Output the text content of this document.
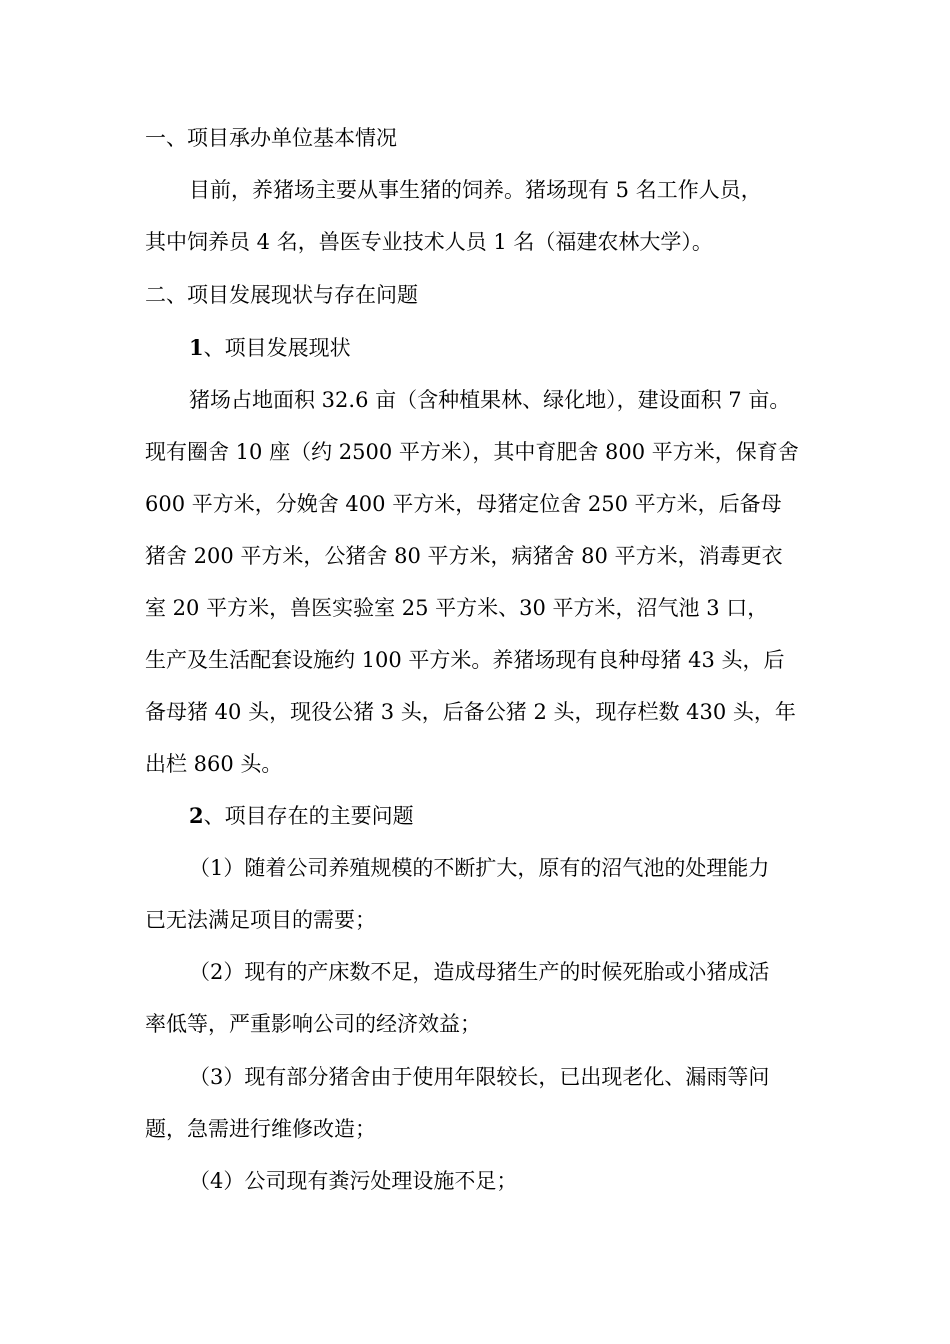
一、项目承办单位基本情况
目前，养猪场主要从事生猪的饲养。猪场现有 5 名工作人员，
其中饲养员 4 名，兽医专业技术人员 1 名（福建农林大学）。
二、项目发展现状与存在问题
1、项目发展现状
猪场占地面积 32.6 亩（含种植果林、绿化地），建设面积 7 亩。
现有圈舍 10 座（约 2500 平方米），其中育肥舍 800 平方米，保育舍
600 平方米，分娩舍 400 平方米，母猪定位舍 250 平方米，后备母
猪舍 200 平方米，公猪舍 80 平方米，病猪舍 80 平方米，消毒更衣
室 20 平方米，兽医实验室 25 平方米、30 平方米，沼气池 3 口，
生产及生活配套设施约 100 平方米。养猪场现有良种母猪 43 头，后
备母猪 40 头，现役公猪 3 头，后备公猪 2 头，现存栏数 430 头，年
出栏 860 头。
2、项目存在的主要问题
（1）随着公司养殖规模的不断扩大，原有的沼气池的处理能力
已无法满足项目的需要；
（2）现有的产床数不足，造成母猪生产的时候死胎或小猪成活
率低等，严重影响公司的经济效益；
（3）现有部分猪舍由于使用年限较长，已出现老化、漏雨等问
题，急需进行维修改造；
（4）公司现有粪污处理设施不足；
